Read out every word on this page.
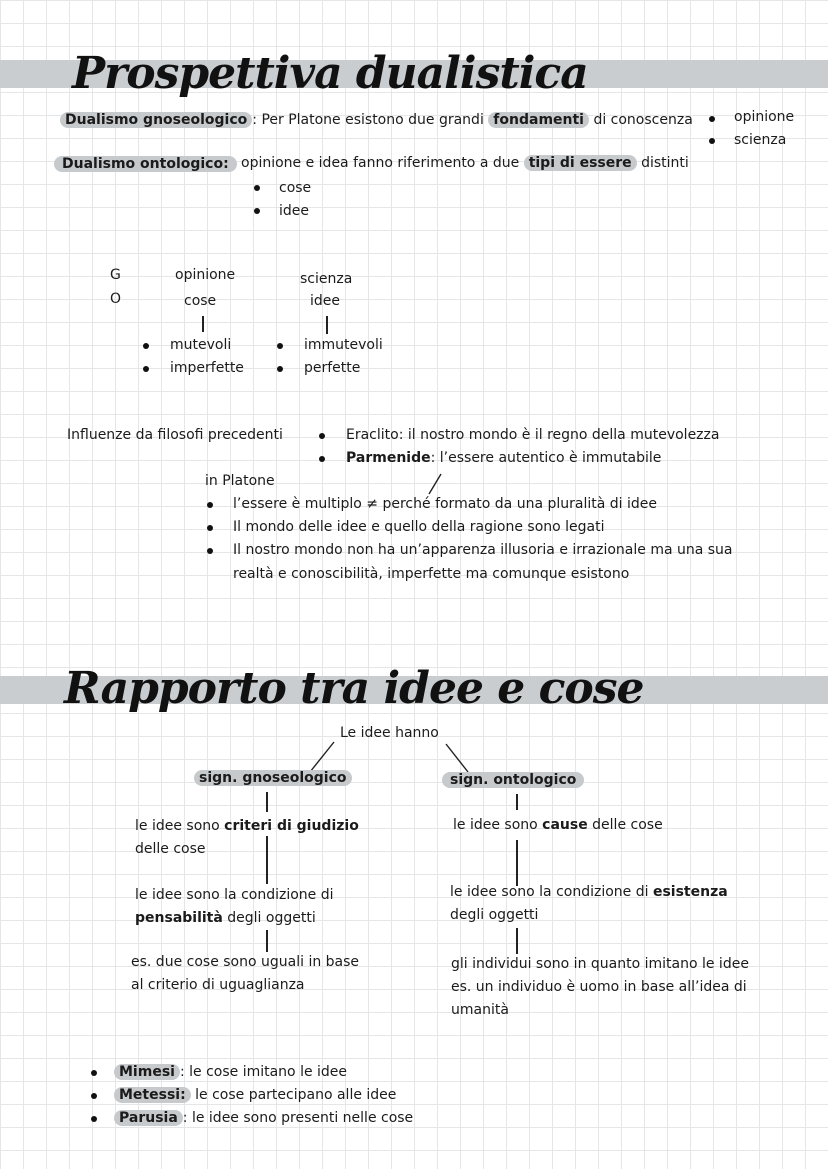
Prospettiva dualistica
Dualismo gnoseologico : Per Platone esistono due grandi fondamenti di conoscenza	opinione
scienza
Dualismo ontologico: opinione e idea fanno riferimento a due tipi di essere distinti
cose
idee
G
O
opinione
cose
mutevoli
imperfette
scienza
idee
immutevoli
perfette
Influenze da filosofi precedenti	Eraclito: il nostro mondo è il regno della mutevolezza
Parmenide: l’essere autentico è immutabile
in Platone
l’essere è multiplo ≠ perché formato da una pluralità di idee
Il mondo delle idee e quello della ragione sono legati
Il nostro mondo non ha un’apparenza illusoria e irrazionale ma una sua
realtà e conoscibilità, imperfette ma comunque esistono
Rapporto tra idee e cose
Le idee hanno
sign. gnoseologico
le idee sono criteri di giudizio
delle cose
le idee sono la condizione di
pensabilità degli oggetti
es. due cose sono uguali in base
al criterio di uguaglianza
sign. ontologico
le idee sono cause delle cose
le idee sono la condizione di esistenza
degli oggetti
gli individui sono in quanto imitano le idee
es. un individuo è uomo in base all’idea di
umanità
Mimesi : le cose imitano le idee
Metessi: le cose partecipano alle idee
Parusia : le idee sono presenti nelle cose
